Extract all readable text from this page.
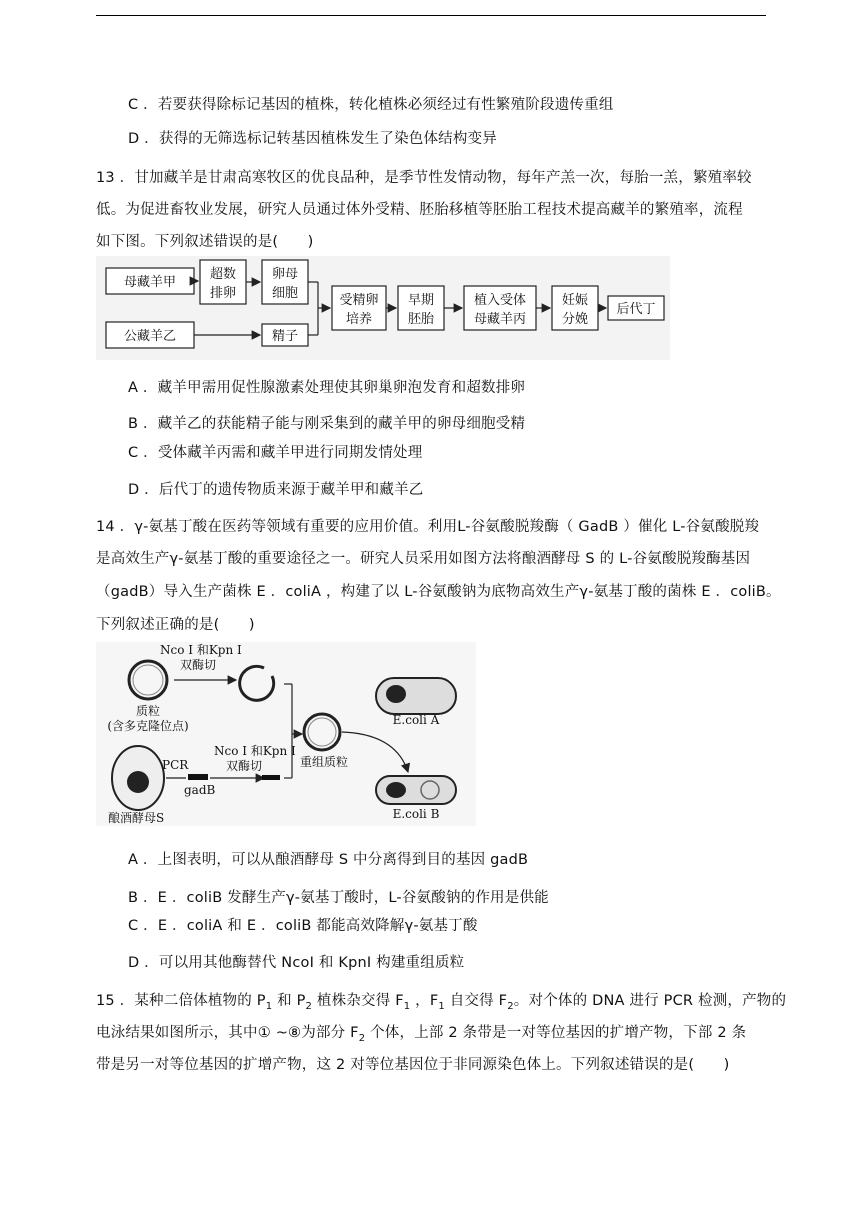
C ．若要获得除标记基因的植株，转化植株必须经过有性繁殖阶段遗传重组
D ．获得的无筛选标记转基因植株发生了染色体结构变异
13 ．甘加藏羊是甘肃高寒牧区的优良品种，是季节性发情动物，每年产羔一次，每胎一羔，繁殖率较
低。为促进畜牧业发展，研究人员通过体外受精、胚胎移植等胚胎工程技术提高藏羊的繁殖率，流程
如下图。下列叙述错误的是(　　)
母藏羊甲
超数
排卵
卵母
细胞
公藏羊乙	精子
受精卵
培养
早期
胚胎
植入受体
母藏羊丙
妊娠
分娩
后代丁
A ．藏羊甲需用促性腺激素处理使其卵巢卵泡发育和超数排卵
B ．藏羊乙的获能精子能与刚采集到的藏羊甲的卵母细胞受精
C ．受体藏羊丙需和藏羊甲进行同期发情处理
D ．后代丁的遗传物质来源于藏羊甲和藏羊乙
14 ．γ-氨基丁酸在医药等领域有重要的应用价值。利用L-谷氨酸脱羧酶（ GadB ）催化 L-谷氨酸脱羧
是高效生产γ-氨基丁酸的重要途径之一。研究人员采用如图方法将酿酒酵母 S 的 L-谷氨酸脱羧酶基因
（gadB）导入生产菌株 E ．coliA ，构建了以 L-谷氨酸钠为底物高效生产γ-氨基丁酸的菌株 E ．coliB。
下列叙述正确的是(　　)
Nco I 和Kpn I
双酶切
质粒
(含多克隆位点)
PCR
gadB
Nco I 和Kpn I
双酶切	重组质粒
E.coli A
E.coli B
酿酒酵母S
A ．上图表明，可以从酿酒酵母 S 中分离得到目的基因 gadB
B ．E ．coliB 发酵生产γ-氨基丁酸时，L-谷氨酸钠的作用是供能
C ．E ．coliA 和 E ．coliB 都能高效降解γ-氨基丁酸
D ．可以用其他酶替代 NcoⅠ 和 KpnⅠ 构建重组质粒
15 ．某种二倍体植物的 $P_1$ 和 $P_2$ 植株杂交得 $F_1$ ，$F_1$ 自交得 $F_2$。对个体的 DNA 进行 PCR 检测，产物的
电泳结果如图所示，其中① ~⑧为部分 $F_2$ 个体，上部 2 条带是一对等位基因的扩增产物，下部 2 条
带是另一对等位基因的扩增产物，这 2 对等位基因位于非同源染色体上。下列叙述错误的是(　　)
